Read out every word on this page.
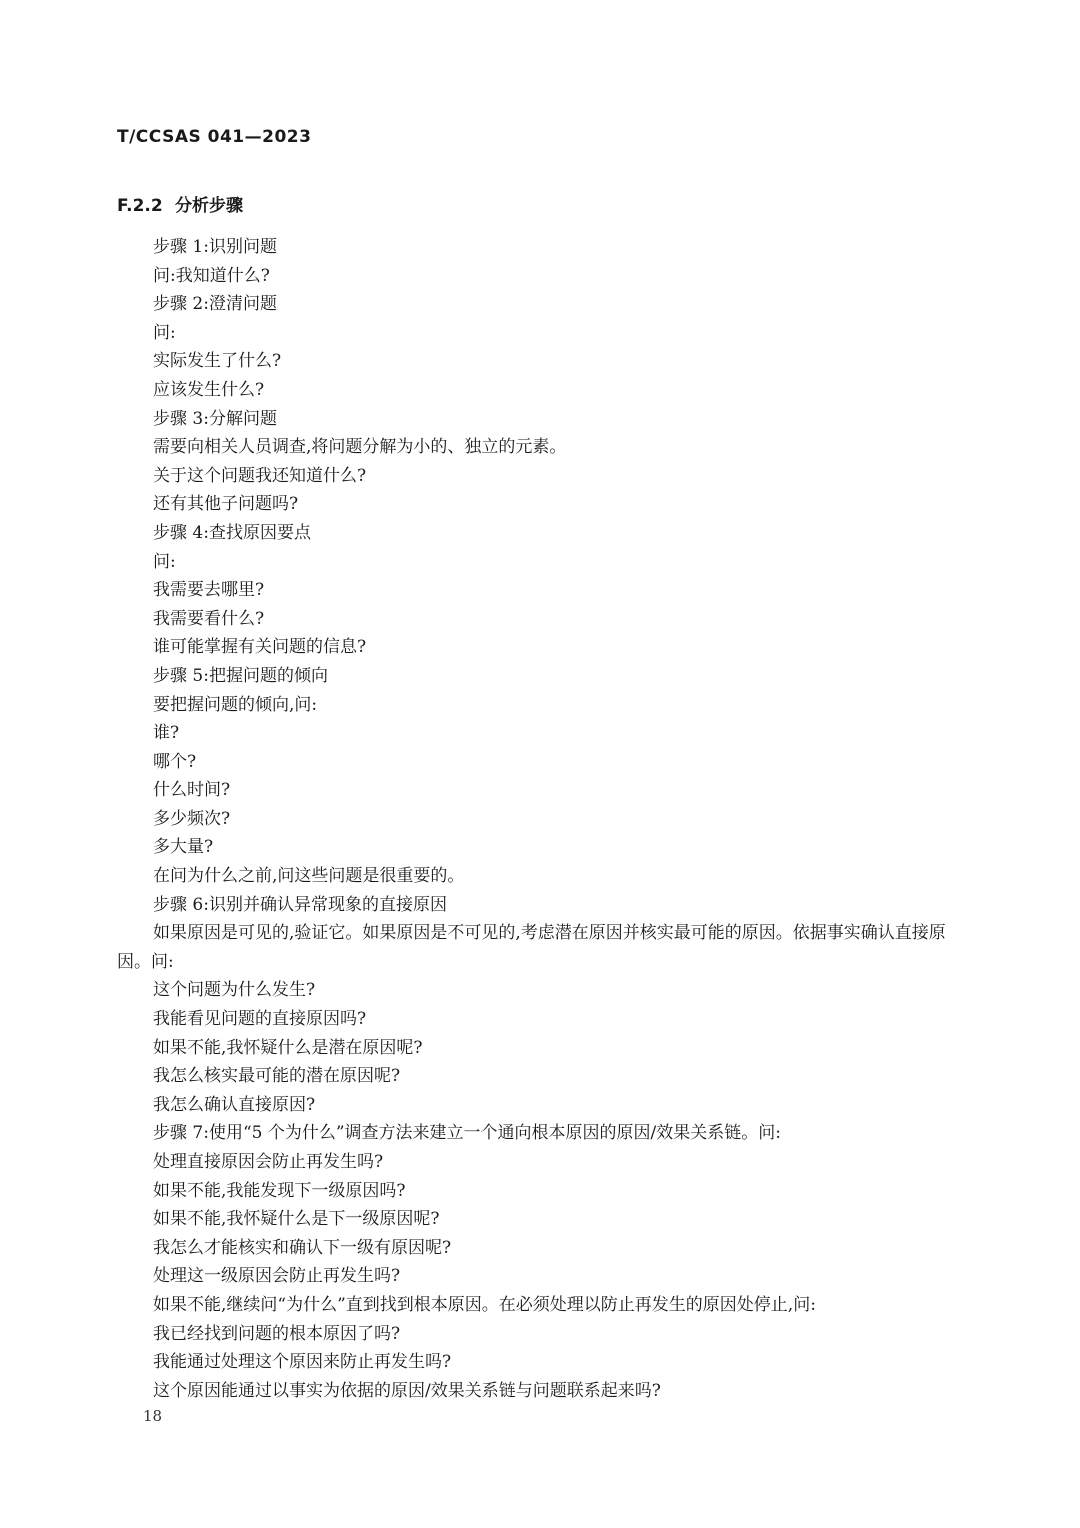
T/CCSAS 041—2023
F.2.2 分析步骤

步骤 1:识别问题

问:我知道什么?

步骤 2:澄清问题

问:

实际发生了什么?

应该发生什么?

步骤 3:分解问题

需要向相关人员调查,将问题分解为小的、独立的元素。

关于这个问题我还知道什么?

还有其他子问题吗?

步骤 4:查找原因要点

问:

我需要去哪里?

我需要看什么?

谁可能掌握有关问题的信息?

步骤 5:把握问题的倾向

要把握问题的倾向,问:

谁?

哪个?

什么时间?

多少频次?

多大量?

在问为什么之前,问这些问题是很重要的。

步骤 6:识别并确认异常现象的直接原因

如果原因是可见的,验证它。如果原因是不可见的,考虑潜在原因并核实最可能的原因。依据事实确认直接原因。问:

这个问题为什么发生?

我能看见问题的直接原因吗?

如果不能,我怀疑什么是潜在原因呢?

我怎么核实最可能的潜在原因呢?

我怎么确认直接原因?

步骤 7:使用“5 个为什么”调查方法来建立一个通向根本原因的原因/效果关系链。问:

处理直接原因会防止再发生吗?

如果不能,我能发现下一级原因吗?

如果不能,我怀疑什么是下一级原因呢?

我怎么才能核实和确认下一级有原因呢?

处理这一级原因会防止再发生吗?

如果不能,继续问“为什么”直到找到根本原因。在必须处理以防止再发生的原因处停止,问:

我已经找到问题的根本原因了吗?

我能通过处理这个原因来防止再发生吗?

这个原因能通过以事实为依据的原因/效果关系链与问题联系起来吗?

18
